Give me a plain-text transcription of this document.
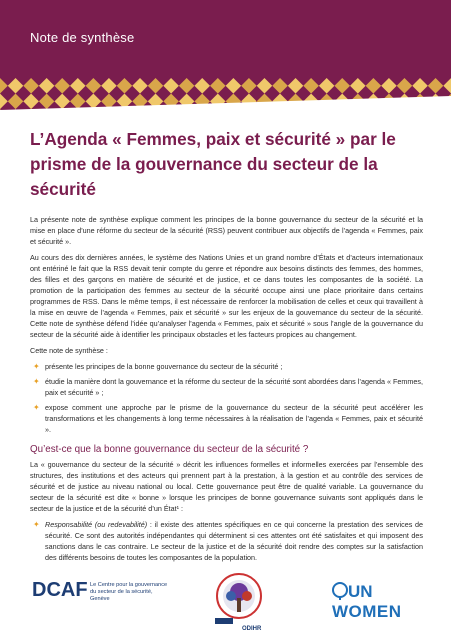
Note de synthèse
L’Agenda « Femmes, paix et sécurité » par le prisme de la gouvernance du secteur de la sécurité

La présente note de synthèse explique comment les principes de la bonne gouvernance du secteur de la sécurité et la mise en place d’une réforme du secteur de la sécurité (RSS) peuvent contribuer aux objectifs de l’agenda « Femmes, paix et sécurité ».

Au cours des dix dernières années, le système des Nations Unies et un grand nombre d’États et d’acteurs internationaux ont entériné le fait que la RSS devait tenir compte du genre et répondre aux besoins distincts des femmes, des hommes, des filles et des garçons en matière de sécurité et de justice, et ce dans toutes les composantes de la société. La promotion de la participation des femmes au secteur de la sécurité occupe ainsi une place prioritaire dans certains programmes de RSS. Dans le même temps, il est nécessaire de renforcer la mobilisation de celles et ceux qui travaillent à la mise en œuvre de l’agenda « Femmes, paix et sécurité » sur les enjeux de la gouvernance du secteur de la sécurité. Cette note de synthèse défend l’idée qu’analyser l’agenda « Femmes, paix et sécurité » sous l’angle de la gouvernance du secteur de la sécurité aide à identifier les principaux obstacles et les facteurs propices au changement.

Cette note de synthèse :

✦ présente les principes de la bonne gouvernance du secteur de la sécurité ;
✦ étudie la manière dont la gouvernance et la réforme du secteur de la sécurité sont abordées dans l’agenda « Femmes, paix et sécurité » ;
✦ expose comment une approche par le prisme de la gouvernance du secteur de la sécurité peut accélérer les transformations et les changements à long terme nécessaires à la réalisation de l’agenda « Femmes, paix et sécurité ».
Qu’est-ce que la bonne gouvernance du secteur de la sécurité ?

La « gouvernance du secteur de la sécurité » décrit les influences formelles et informelles exercées par l’ensemble des structures, des institutions et des acteurs qui prennent part à la prestation, à la gestion et au contrôle des services de sécurité et de justice au niveau national ou local. Cette gouvernance peut être de qualité variable. La gouvernance du secteur de la sécurité est dite « bonne » lorsque les principes de bonne gouvernance suivants sont appliqués dans le secteur de la justice et de la sécurité d’un État¹ :

✦ Responsabilité (ou redevabilité) : il existe des attentes spécifiques en ce qui concerne la prestation des services de sécurité. Ce sont des autorités indépendantes qui déterminent si ces attentes ont été satisfaites et qui imposent des sanctions dans le cas contraire. Le secteur de la justice et de la sécurité doit rendre des comptes sur la satisfaction des différents besoins de toutes les composantes de la population.
DCAF Le Centre pour la gouvernance du secteur de la sécurité, Genève
OSCE ODIHR
UN
WOMEN
